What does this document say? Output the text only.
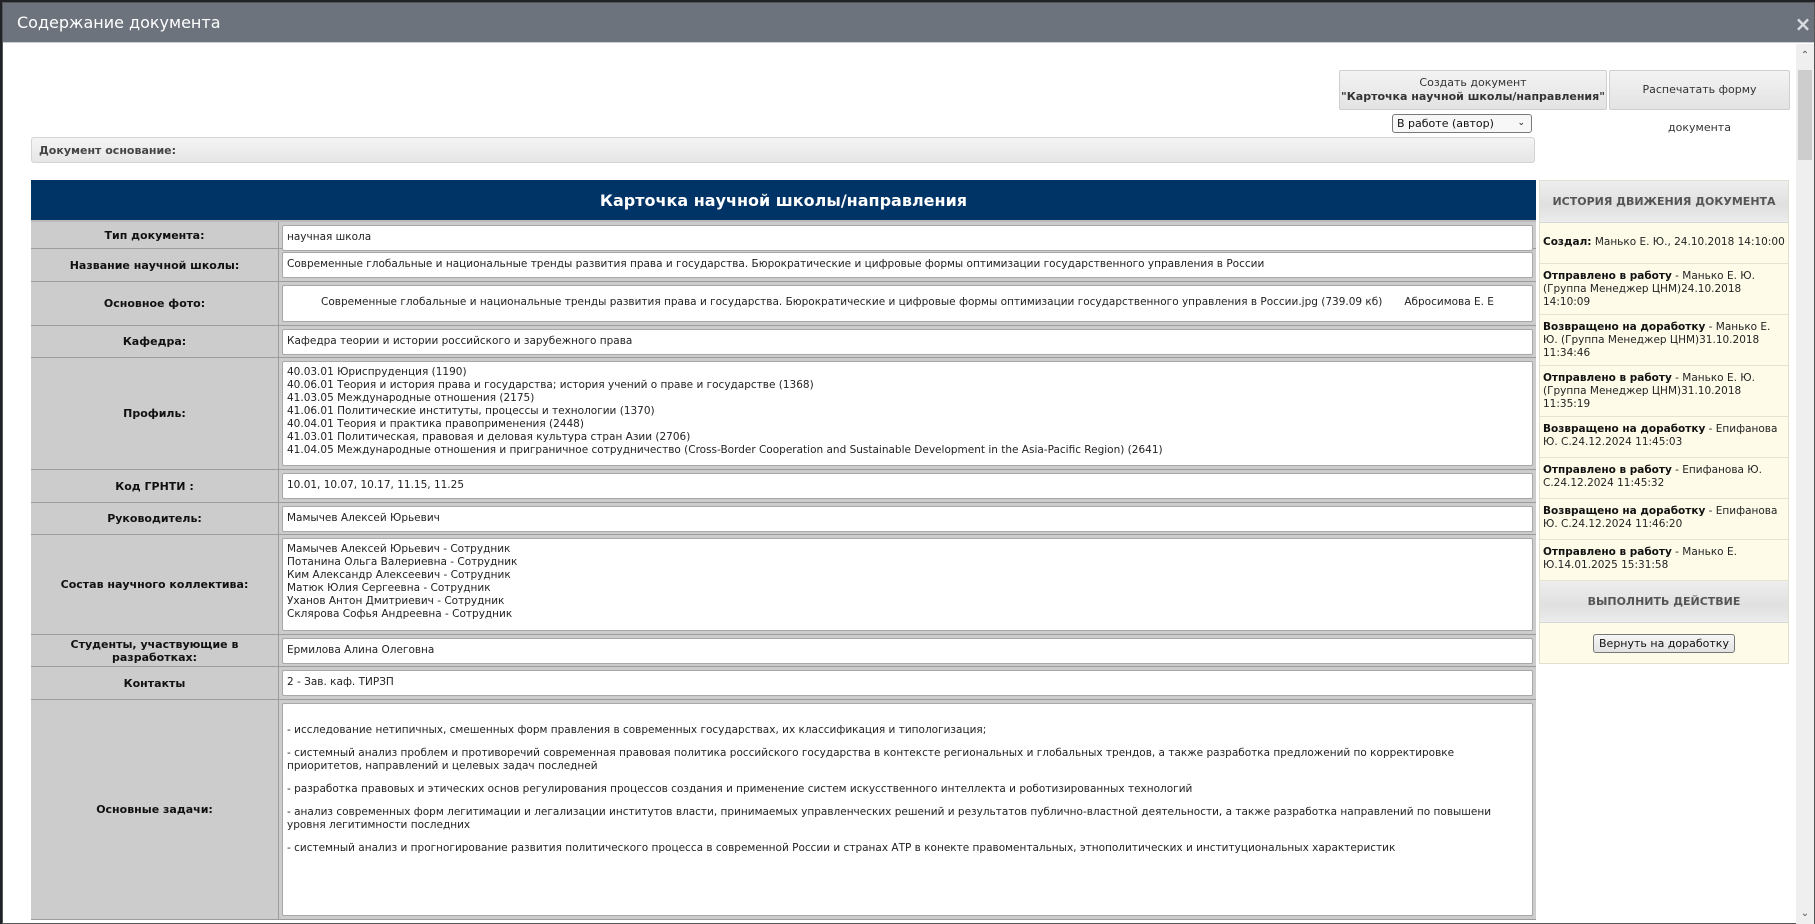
Содержание документа	×
Создать документ
"Карточка научной школы/направления"
Распечатать форму документа
В работе (автор)	⌄
Документ основание:
Карточка научной школы/направления
Тип документа:	научная школа
Название научной школы:	Современные глобальные и национальные тренды развития права и государства. Бюрократические и цифровые формы оптимизации государственного управления в России
Основное фото:	Современные глобальные и национальные тренды развития права и государства. Бюрократические и цифровые формы оптимизации государственного управления в России.jpg (739.09 кб) Абросимова Е. Е
Кафедра:	Кафедра теории и истории российского и зарубежного права
Профиль:
40.03.01 Юриспруденция (1190)
40.06.01 Теория и история права и государства; история учений о праве и государстве (1368)
41.03.05 Международные отношения (2175)
41.06.01 Политические институты, процессы и технологии (1370)
40.04.01 Теория и практика правоприменения (2448)
41.03.01 Политическая, правовая и деловая культура стран Азии (2706)
41.04.05 Международные отношения и приграничное сотрудничество (Cross-Border Cooperation and Sustainable Development in the Asia-Pacific Region) (2641)
Код ГРНТИ :	10.01, 10.07, 10.17, 11.15, 11.25
Руководитель:	Мамычев Алексей Юрьевич
Состав научного коллектива:
Мамычев Алексей Юрьевич - Сотрудник
Потанина Ольга Валериевна - Сотрудник
Ким Александр Алексеевич - Сотрудник
Матюк Юлия Сергеевна - Сотрудник
Уханов Антон Дмитриевич - Сотрудник
Склярова Софья Андреевна - Сотрудник
Студенты, участвующие в разработках:
Ермилова Алина Олеговна
Контакты	2 - Зав. каф. ТИРЗП
Основные задачи:
- исследование нетипичных, смешенных форм правления в современных государствах, их классификация и типологизация;
- системный анализ проблем и противоречий современная правовая политика российского государства в контексте региональных и глобальных трендов, а также разработка предложений по корректировке приоритетов, направлений и целевых задач последней
- разработка правовых и этических основ регулирования процессов создания и применение систем искусственного интеллекта и роботизированных технологий
- анализ современных форм легитимации и легализации институтов власти, принимаемых управленческих решений и результатов публично-властной деятельности, а также разработка направлений по повышени уровня легитимности последних
- системный анализ и прогногирование развития политического процесса в современной России и странах АТР в конекте правоментальных, этнополитических и институциональных характеристик
ИСТОРИЯ ДВИЖЕНИЯ ДОКУМЕНТА
Создал: Манько Е. Ю., 24.10.2018 14:10:00
Отправлено в работу - Манько Е. Ю. (Группа Менеджер ЦНМ)24.10.2018 14:10:09
Возвращено на доработку - Манько Е. Ю. (Группа Менеджер ЦНМ)31.10.2018 11:34:46
Отправлено в работу - Манько Е. Ю. (Группа Менеджер ЦНМ)31.10.2018 11:35:19
Возвращено на доработку - Епифанова Ю. С.24.12.2024 11:45:03
Отправлено в работу - Епифанова Ю. С.24.12.2024 11:45:32
Возвращено на доработку - Епифанова Ю. С.24.12.2024 11:46:20
Отправлено в работу - Манько Е. Ю.14.01.2025 15:31:58
ВЫПОЛНИТЬ ДЕЙСТВИЕ
Вернуть на доработку
⌃
⌄
